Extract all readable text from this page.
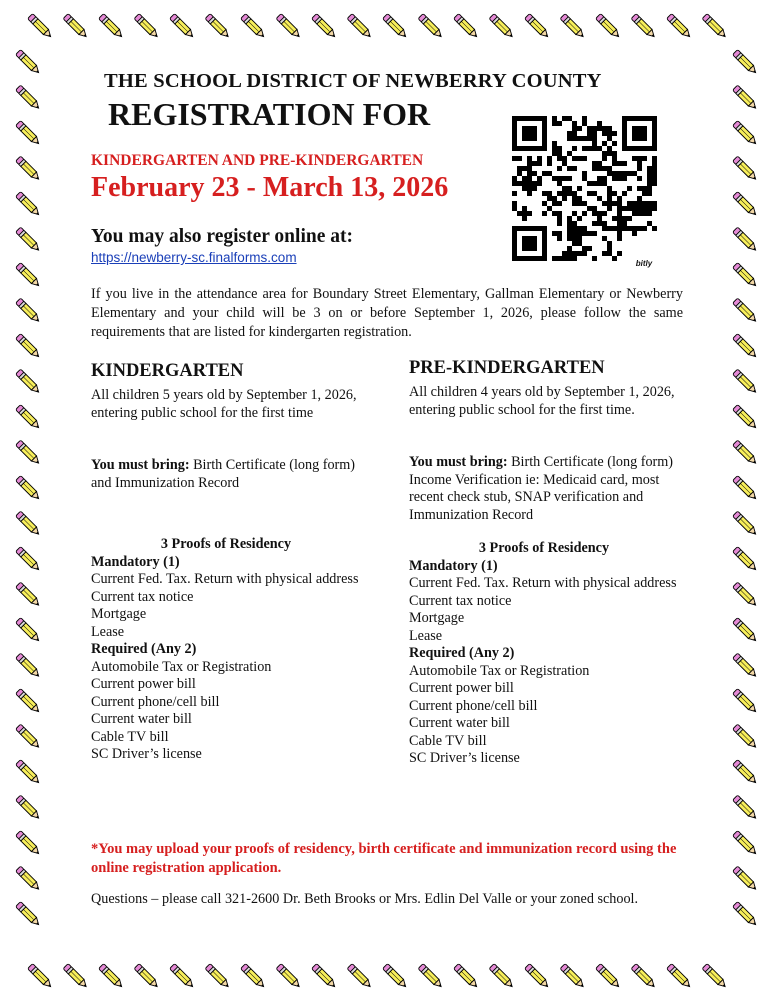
THE SCHOOL DISTRICT OF NEWBERRY COUNTY
REGISTRATION FOR
KINDERGARTEN AND PRE-KINDERGARTEN
February 23 - March 13, 2026
You may also register online at:
https://newberry-sc.finalforms.com	bitly

If you live in the attendance area for Boundary Street Elementary, Gallman Elementary or Newberry Elementary and your child will be 3 on or before September 1, 2026, please follow the same requirements that are listed for kindergarten registration.

KINDERGARTEN

All children 5 years old by September 1, 2026, entering public school for the first time

You must bring: Birth Certificate (long form) and Immunization Record

3 Proofs of Residency

Mandatory (1)

Current Fed. Tax. Return with physical address
Current tax notice
Mortgage
Lease

Required (Any 2)

Automobile Tax or Registration
Current power bill
Current phone/cell bill
Current water bill
Cable TV bill
SC Driver’s license
PRE-KINDERGARTEN

All children 4 years old by September 1, 2026, entering public school for the first time.

You must bring: Birth Certificate (long form) Income Verification ie: Medicaid card, most recent check stub, SNAP verification and Immunization Record

3 Proofs of Residency

Mandatory (1)

Current Fed. Tax. Return with physical address
Current tax notice
Mortgage
Lease

Required (Any 2)

Automobile Tax or Registration
Current power bill
Current phone/cell bill
Current water bill
Cable TV bill
SC Driver’s license

*You may upload your proofs of residency, birth certificate and immunization record using the online registration application.

Questions – please call 321-2600 Dr. Beth Brooks or Mrs. Edlin Del Valle or your zoned school.
